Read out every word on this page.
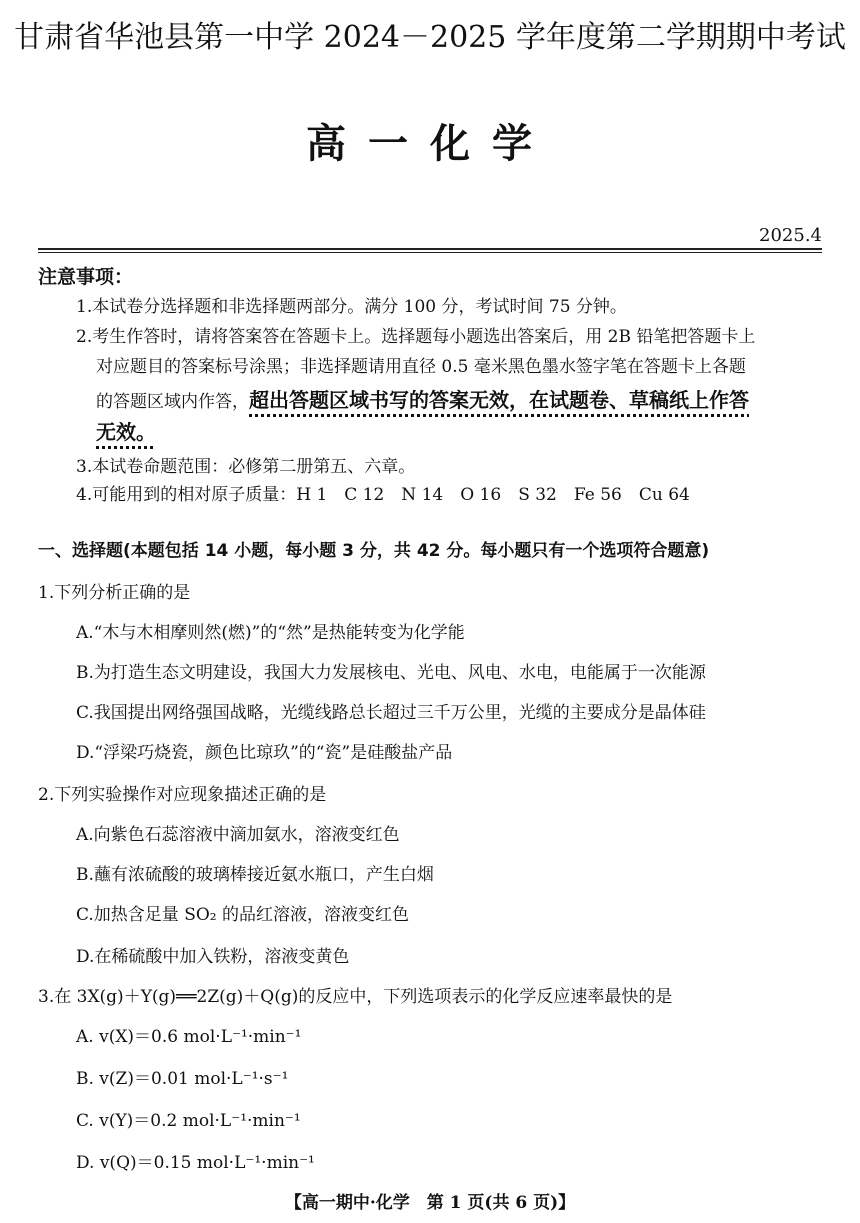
甘肃省华池县第一中学 2024－2025 学年度第二学期期中考试
高一化学
2025.4
注意事项：
1.本试卷分选择题和非选择题两部分。满分 100 分，考试时间 75 分钟。
2.考生作答时，请将答案答在答题卡上。选择题每小题选出答案后，用 2B 铅笔把答题卡上
对应题目的答案标号涂黑；非选择题请用直径 0.5 毫米黑色墨水签字笔在答题卡上各题
的答题区域内作答，超出答题区域书写的答案无效，在试题卷、草稿纸上作答
无效。
3.本试卷命题范围：必修第二册第五、六章。
4.可能用到的相对原子质量：H 1　C 12　N 14　O 16　S 32　Fe 56　Cu 64
一、选择题(本题包括 14 小题，每小题 3 分，共 42 分。每小题只有一个选项符合题意)
1.下列分析正确的是
A.“木与木相摩则然(燃)”的“然”是热能转变为化学能
B.为打造生态文明建设，我国大力发展核电、光电、风电、水电，电能属于一次能源
C.我国提出网络强国战略，光缆线路总长超过三千万公里，光缆的主要成分是晶体硅
D.“浮梁巧烧瓷，颜色比琼玖”的“瓷”是硅酸盐产品
2.下列实验操作对应现象描述正确的是
A.向紫色石蕊溶液中滴加氨水，溶液变红色
B.蘸有浓硫酸的玻璃棒接近氨水瓶口，产生白烟
C.加热含足量 SO₂ 的品红溶液，溶液变红色
D.在稀硫酸中加入铁粉，溶液变黄色
3.在 3X(g)＋Y(g)══2Z(g)＋Q(g)的反应中，下列选项表示的化学反应速率最快的是
A. v(X)＝0.6 mol·L⁻¹·min⁻¹
B. v(Z)＝0.01 mol·L⁻¹·s⁻¹
C. v(Y)＝0.2 mol·L⁻¹·min⁻¹
D. v(Q)＝0.15 mol·L⁻¹·min⁻¹
【高一期中·化学　第 1 页(共 6 页)】
